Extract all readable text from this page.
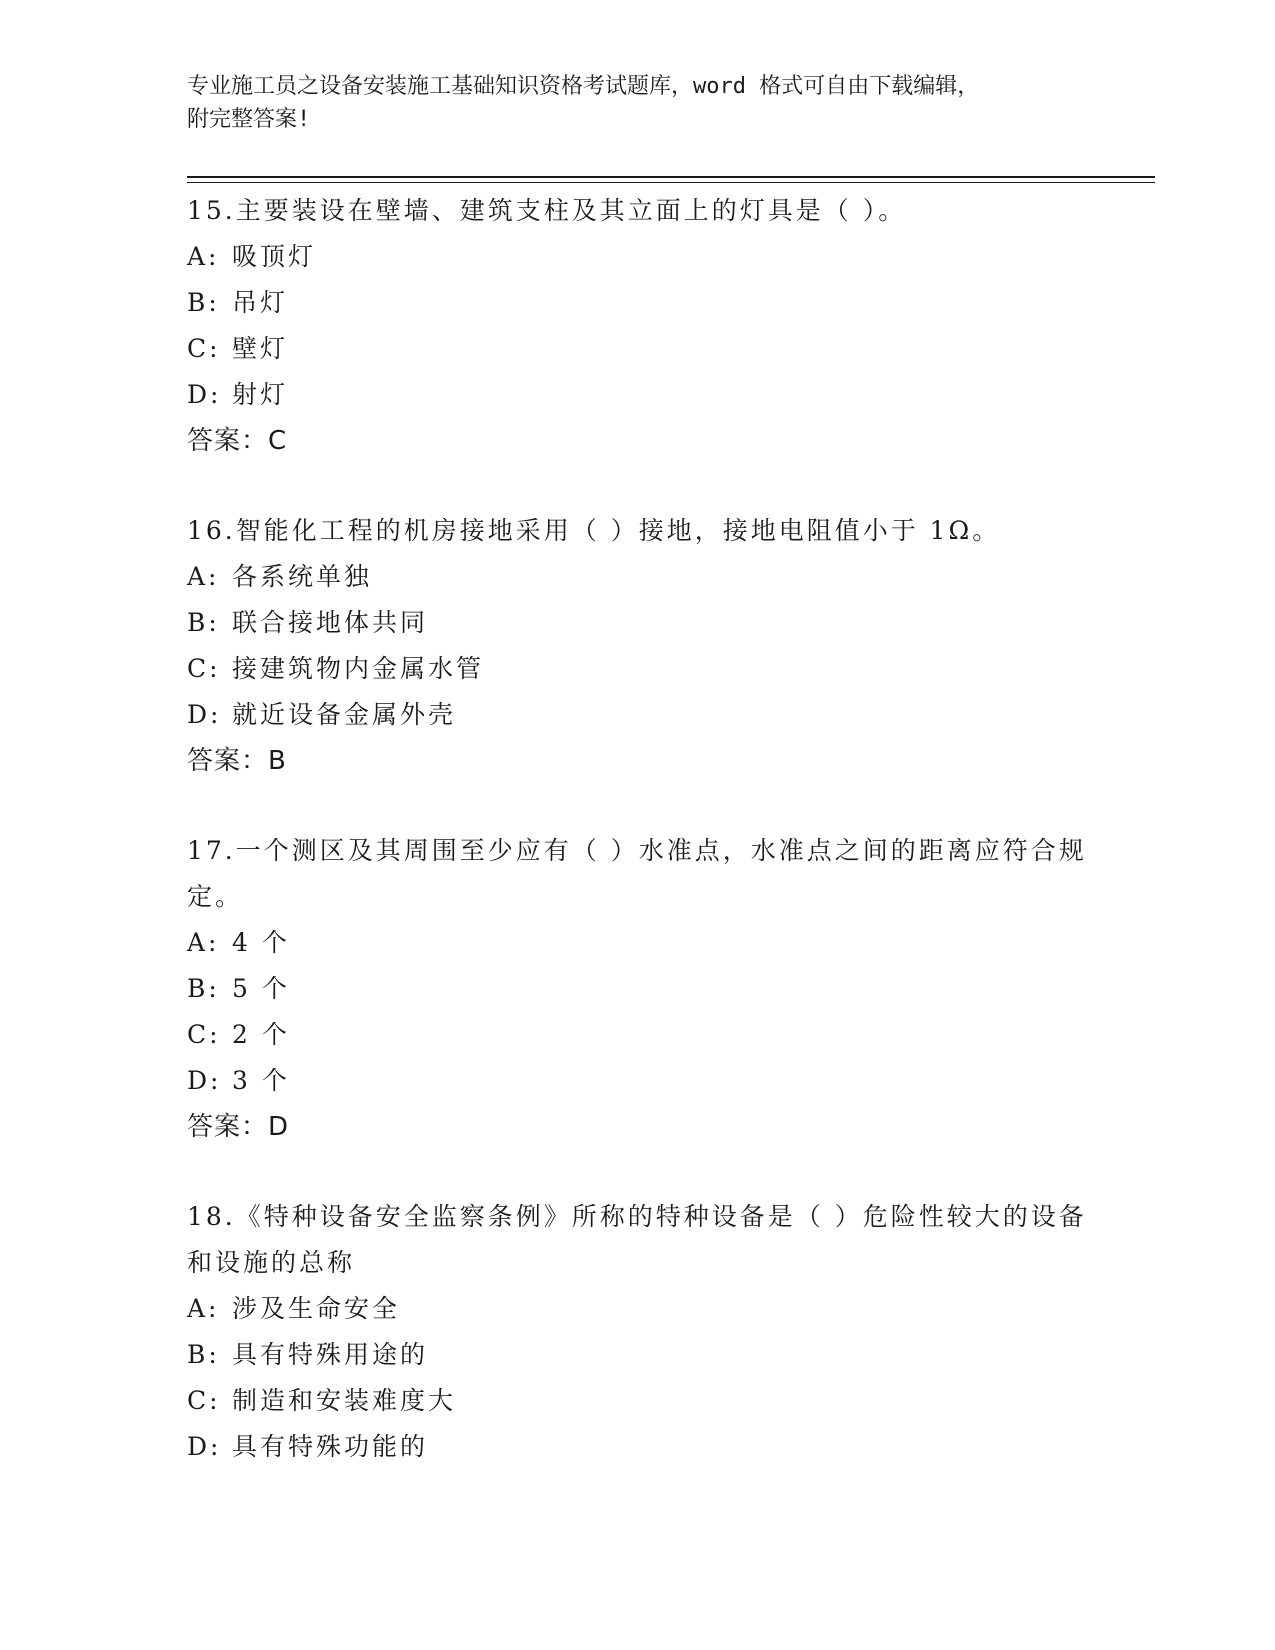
专业施工员之设备安装施工基础知识资格考试题库，word 格式可自由下载编辑，
附完整答案!

15.主要装设在壁墙、建筑支柱及其立面上的灯具是（ ）。

A: 吸顶灯

B: 吊灯

C: 壁灯

D: 射灯

答案：C

16.智能化工程的机房接地采用（ ）接地，接地电阻值小于 1Ω。

A: 各系统单独

B: 联合接地体共同

C: 接建筑物内金属水管

D: 就近设备金属外壳

答案：B

17.一个测区及其周围至少应有（ ）水准点，水准点之间的距离应符合规定。

A: 4 个

B: 5 个

C: 2 个

D: 3 个

答案：D

18.《特种设备安全监察条例》所称的特种设备是（ ）危险性较大的设备和设施的总称

A: 涉及生命安全

B: 具有特殊用途的

C: 制造和安装难度大

D: 具有特殊功能的
